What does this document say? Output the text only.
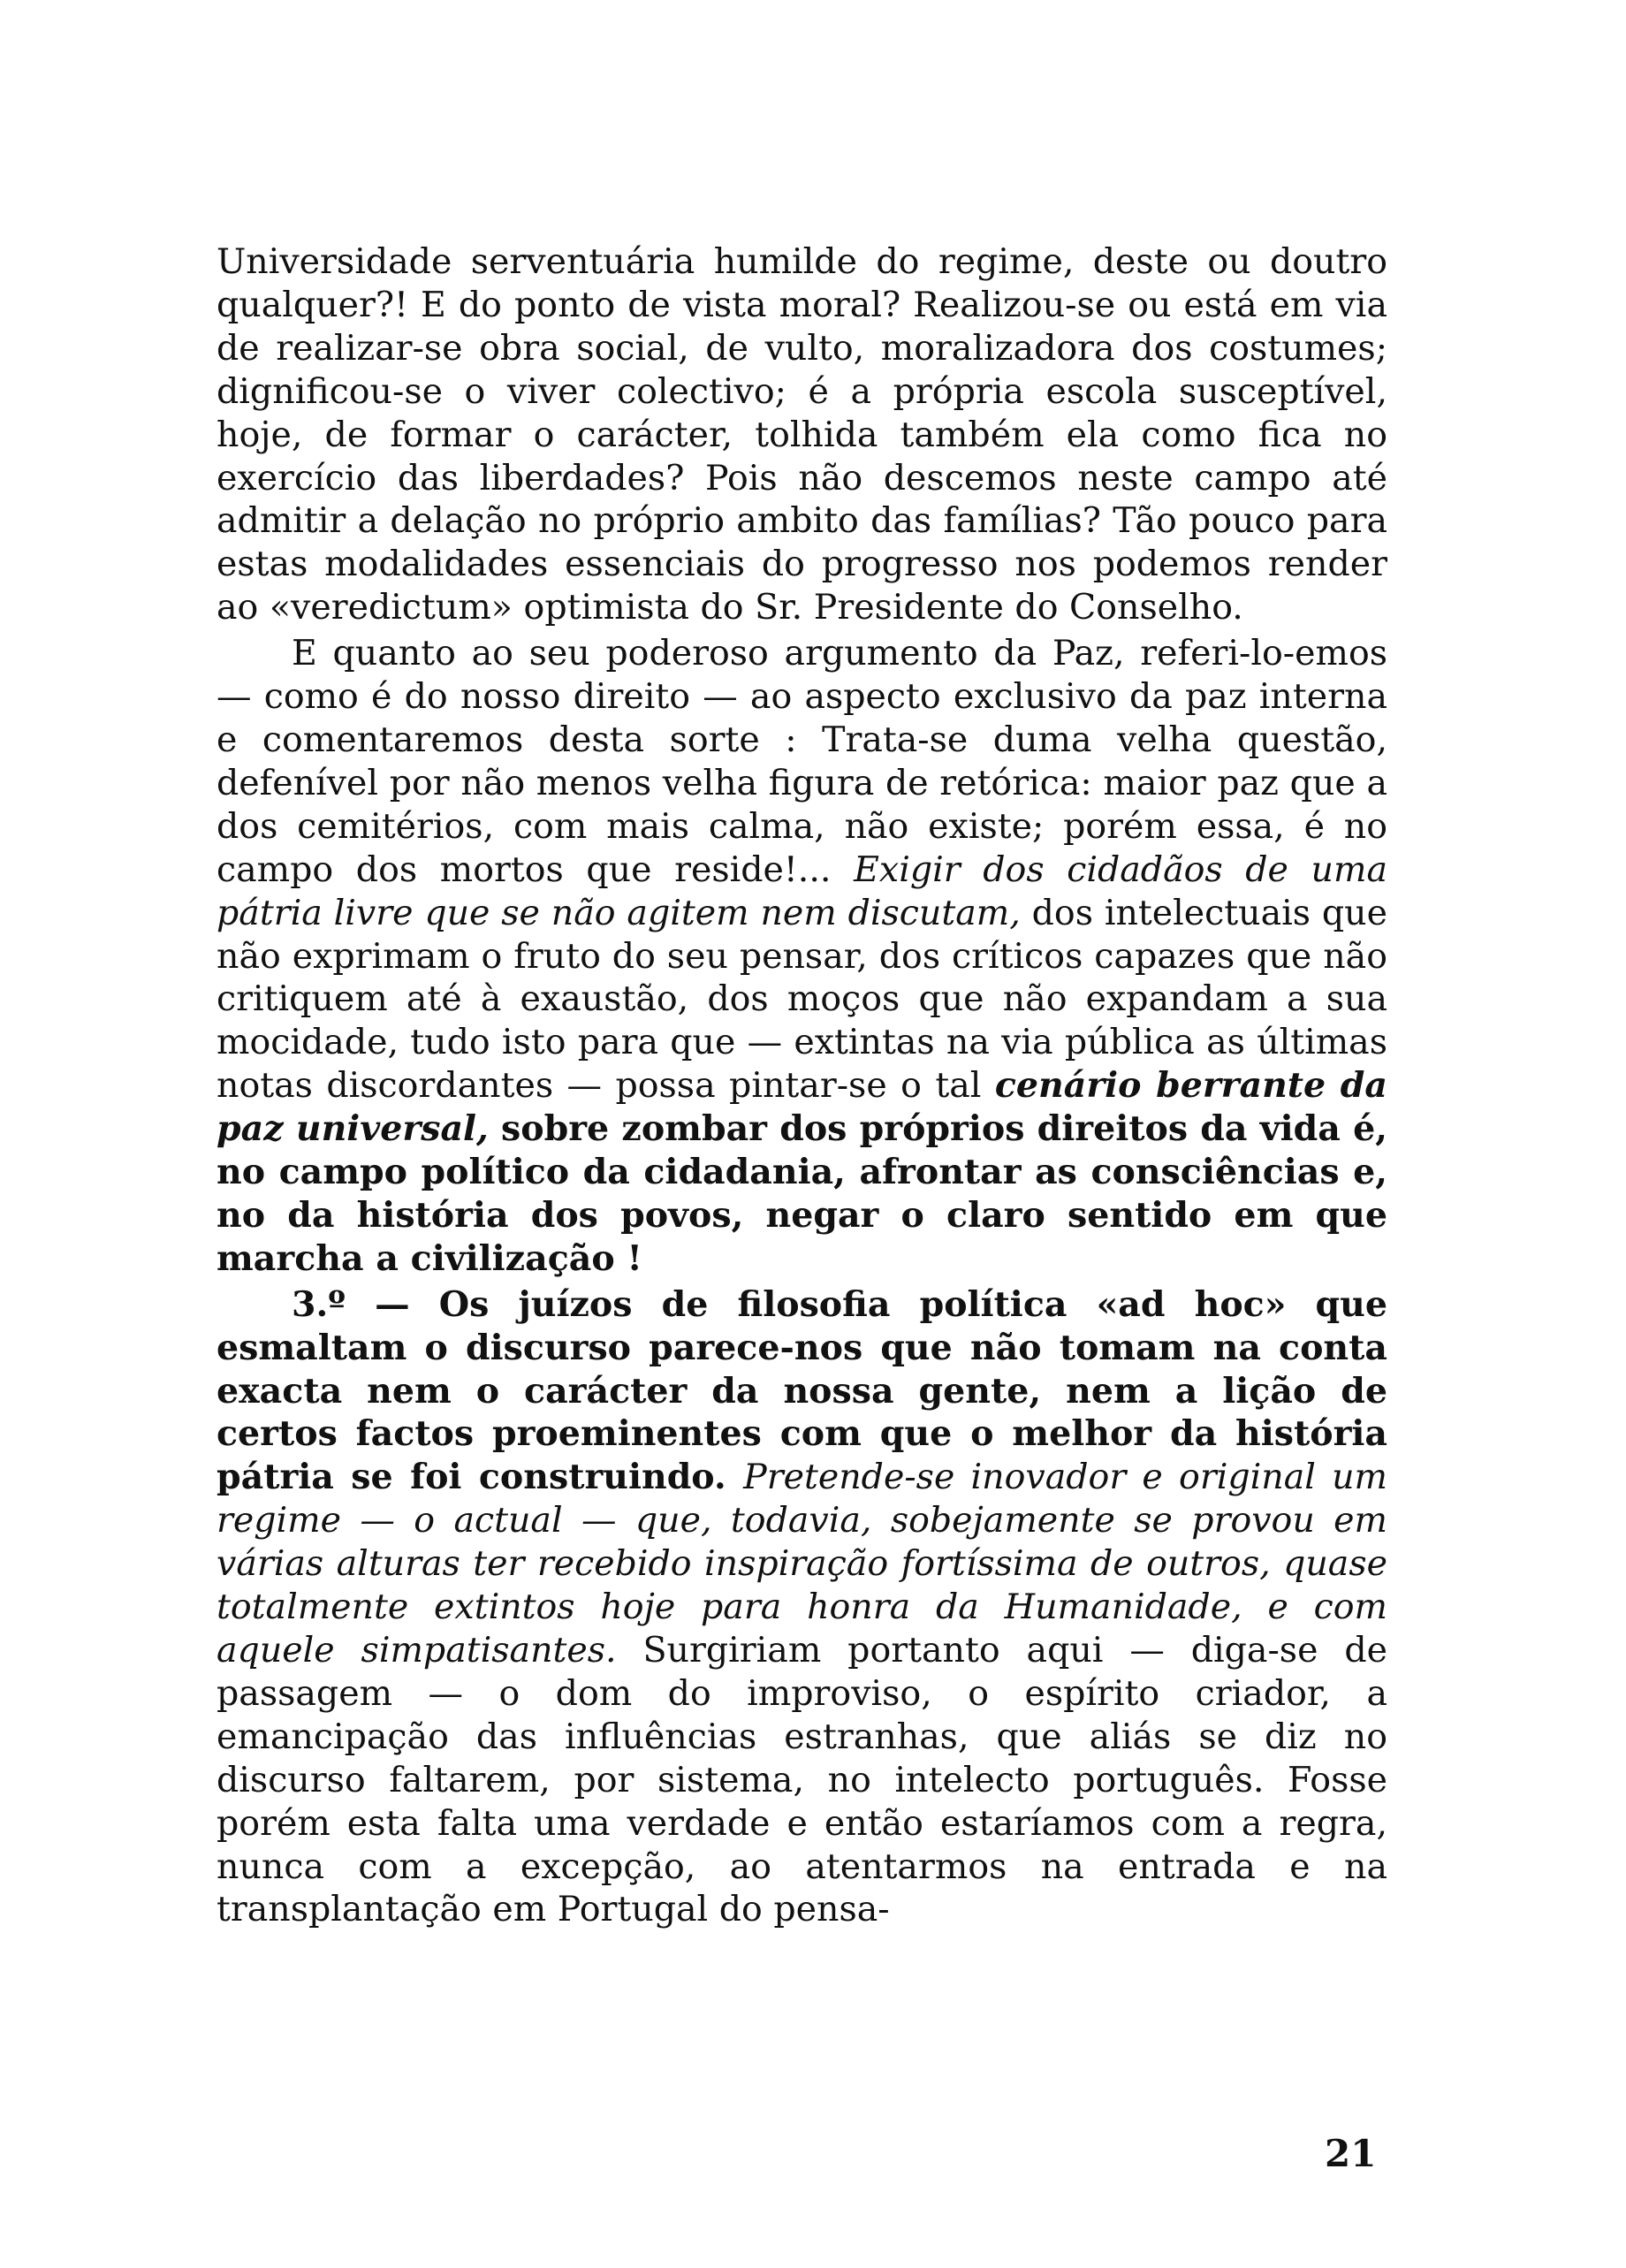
Universidade serventuária humilde do regime, deste ou doutro qualquer?! E do ponto de vista moral? Realizou-se ou está em via de realizar-se obra social, de vulto, moralizadora dos costumes; dignificou-se o viver colectivo; é a própria escola susceptível, hoje, de formar o carácter, tolhida também ela como fica no exercício das liberdades? Pois não descemos neste campo até admitir a delação no próprio ambito das famílias? Tão pouco para estas modalidades essenciais do progresso nos podemos render ao «veredictum» optimista do Sr. Presidente do Conselho.

E quanto ao seu poderoso argumento da Paz, referi-lo-emos — como é do nosso direito — ao aspecto exclusivo da paz interna e comentaremos desta sorte : Trata-se duma velha questão, defenível por não menos velha figura de retórica: maior paz que a dos cemitérios, com mais calma, não existe; porém essa, é no campo dos mortos que reside!... Exigir dos cidadãos de uma pátria livre que se não agitem nem discutam, dos intelectuais que não exprimam o fruto do seu pensar, dos críticos capazes que não critiquem até à exaustão, dos moços que não expandam a sua mocidade, tudo isto para que — extintas na via pública as últimas notas discordantes — possa pintar-se o tal cenário berrante da paz universal, sobre zombar dos próprios direitos da vida é, no campo político da cidadania, afrontar as consciências e, no da história dos povos, negar o claro sentido em que marcha a civilização !

3.º — Os juízos de filosofia política «ad hoc» que esmaltam o discurso parece-nos que não tomam na conta exacta nem o carácter da nossa gente, nem a lição de certos factos proeminentes com que o melhor da história pátria se foi construindo. Pretende-se inovador e original um regime — o actual — que, todavia, sobejamente se provou em várias alturas ter recebido inspiração fortíssima de outros, quase totalmente extintos hoje para honra da Humanidade, e com aquele simpatisantes. Surgiriam portanto aqui — diga-se de passagem — o dom do improviso, o espírito criador, a emancipação das influências estranhas, que aliás se diz no discurso faltarem, por sistema, no intelecto português. Fosse porém esta falta uma verdade e então estaríamos com a regra, nunca com a excepção, ao atentarmos na entrada e na transplantação em Portugal do pensa-

21
